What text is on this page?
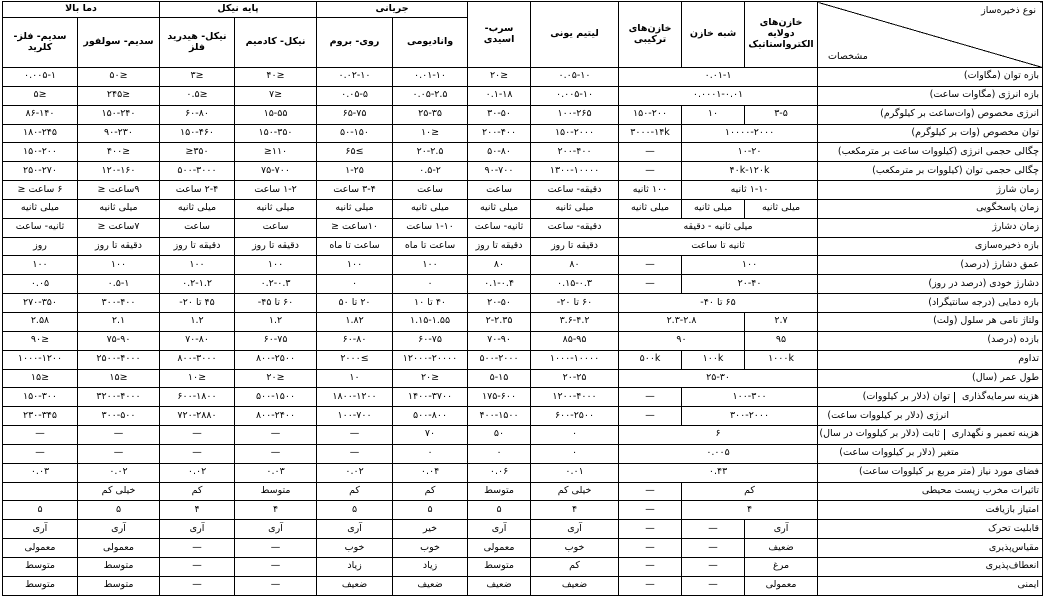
نوع ذخیره‌ساز
مشخصات	خازن‌های دولایه الکترواستاتیک	شبه خازن	خازن‌های ترکیبی	لیتیم یونی	سرب- اسیدی	جریانی		پایه نیکل		دما بالا	
						وانادیومی	روی- بروم	نیکل- کادمیم	نیکل- هیدرید فلز	سدیم- سولفور	سدیم- فلز- کلرید
بازه توان (مگاوات)	۰.۰۱-۱			۰.۰۵-۱۰	≤۲۰	۰.۰۱-۱۰	۰.۰۲-۱۰	≤۴۰	≤۳	≤۵۰	۰.۰۰۵-۱
بازه انرژی (مگاوات ساعت)	۰.۰۰۰۱-۰.۰۱			۰.۰۰۵-۱۰	۰.۱-۱۸	۰.۰۵-۲.۵	۰.۰۵-۵	≤۷	≤۰.۵	≤۲۴۵	≤۵
انرژی مخصوص (وات‌ساعت بر کیلوگرم)	۳-۵	۱۰	۱۵۰-۲۰۰	۱۰۰-۲۶۵	۳۰-۵۰	۲۵-۳۵	۶۵-۷۵	۱۵-۵۵	۶۰-۸۰	۱۵۰-۲۴۰	۸۶-۱۴۰
توان مخصوص (وات بر کیلوگرم)	۱۰۰۰۰-۲۰۰۰		۳۰۰۰-۱۴k	۱۵۰-۲۰۰۰	۲۰۰-۴۰۰	≤۱۰	۵۰-۱۵۰	۱۵۰-۳۵۰	۱۵۰-۴۶۰	۹۰-۲۳۰	۱۸۰-۲۴۵
چگالی حجمی انرژی (کیلووات ساعت بر مترمکعب)	۱۰-۲۰		—	۲۰۰-۴۰۰	۵۰-۸۰	۲۰-۲.۵	≥۶۵	۱۱۰≤	۳۵۰≤	≤۴۰۰	۱۵۰-۲۰۰
چگالی حجمی توان (کیلووات بر مترمکعب)	۴۰k-۱۲۰k		—	۱۳۰۰-۱۰۰۰۰	۹۰-۷۰۰	۰.۵-۲	۱-۲۵	۷۵-۷۰۰	۵۰۰-۳۰۰۰	۱۲۰-۱۶۰	۲۵۰-۲۷۰
زمان شارژ	۱-۱۰ ثانیه		۱۰۰ ثانیه	دقیقه- ساعت	ساعت	ساعت	۳-۴ ساعت	۱-۲ ساعت	۲-۴ ساعت	۹ساعت ≤	۶ ساعت ≤
زمان پاسخگویی	میلی ثانیه	میلی ثانیه	میلی ثانیه	میلی ثانیه	میلی ثانیه	میلی ثانیه	میلی ثانیه	میلی ثانیه	میلی ثانیه	میلی ثانیه	میلی ثانیه
زمان دشارژ	میلی ثانیه - دقیقه			دقیقه- ساعت	ثانیه- ساعت	۱-۱۰ ساعت	۱۰ساعت ≤	ساعت	ساعت	۷ساعت ≤	ثانیه- ساعت
بازه ذخیره‌سازی	ثانیه تا ساعت			دقیقه تا روز	دقیقه تا روز	ساعت تا ماه	ساعت تا ماه	دقیقه تا روز	دقیقه تا روز	دقیقه تا روز	روز
عمق دشارژ (درصد)	۱۰۰		—	۸۰	۸۰	۱۰۰	۱۰۰	۱۰۰	۱۰۰	۱۰۰	۱۰۰
دشارژ خودی (درصد در روز)	۲۰-۴۰		—	۰.۱۵-۰.۳	۰.۱-۰.۴	۰	۰	۰.۲-۰.۳	۰.۲-۱.۲	۰.۵-۱	۰.۰۵
بازه دمایی (درجه سانتیگراد)	۶۵ تا ۴۰-			۶۰ تا ۲۰-	۲۰-۵۰	۴۰ تا ۱۰	۲۰ تا ۵۰	۶۰ تا ۴۵-	۴۵ تا ۲۰-	۳۰۰-۴۰۰	۲۷۰-۳۵۰
ولتاژ نامی هر سلول (ولت)	۲.۷	۲.۳-۲.۸		۳.۶-۴.۲	۲-۲.۳۵	۱.۱۵-۱.۵۵	۱.۸۲	۱.۲	۱.۲	۲.۱	۲.۵۸
بازده (درصد)	۹۵	۹۰		۸۵-۹۵	۷۰-۹۰	۶۰-۷۵	۶۰-۸۰	۶۰-۷۵	۷۰-۸۰	۷۵-۹۰	≤۹۰
تداوم	۱۰۰۰k	۱۰۰k	۵۰۰k	۱۰۰۰-۱۰۰۰۰	۵۰۰-۲۰۰۰	۱۲۰۰۰-۲۰۰۰۰	≥۲۰۰۰	۸۰۰-۲۵۰۰	۸۰۰-۳۰۰۰	۲۵۰۰-۴۰۰۰	۱۰۰۰-۱۲۰۰
طول عمر (سال)	۲۵-۳۰			۲۰-۲۵	۵-۱۵	≤۲۰	۱۰	≤۲۰	≤۱۰	≤۱۵	≤۱۵
هزینه سرمایه‌گذاری توان (دلار بر کیلووات)	۱۰۰-۳۰۰		—	۱۲۰۰-۴۰۰۰	۱۷۵-۶۰۰	۱۴۰۰-۳۷۰۰	۱۸۰۰-۱۲۰۰	۵۰۰-۱۵۰۰	۶۰۰-۱۸۰۰	۳۲۰۰-۴۰۰۰	۱۵۰-۳۰۰
انرژی (دلار بر کیلووات ساعت)	۳۰۰-۲۰۰۰		—	۶۰۰-۲۵۰۰	۴۰۰-۱۵۰۰	۵۰۰-۸۰۰	۱۰۰-۷۰۰	۸۰۰-۲۴۰۰	۷۲۰-۲۸۸۰	۳۰۰-۵۰۰	۲۳۰-۳۴۵
هزینه تعمیر و نگهداری ثابت (دلار بر کیلووات در سال)	۶			۰	۵۰	۷۰	—	—	—	—	—
متغیر (دلار بر کیلووات ساعت)	۰.۰۰۵			۰	۰	۰	—	—	—	—	—
فضای مورد نیاز (متر مربع بر کیلووات ساعت)	۰.۴۳			۰.۰۱	۰.۰۶	۰.۰۴	۰.۰۲	۰.۰۳	۰.۰۲	۰.۰۲	۰.۰۳
تاثیرات مخرب زیست محیطی	کم		—	خیلی کم	متوسط	کم	کم	متوسط	کم	خیلی کم	
امتیاز بازیافت	۴		—	۴	۵	۵	۵	۴	۴	۵	۵
قابلیت تحرک	آری	—	—	آری	آری	خیر	آری	آری	آری	آری	آری
مقیاس‌پذیری	ضعیف	—	—	خوب	معمولی	خوب	خوب	—	—	معمولی	معمولی
انعطاف‌پذیری	مرغ	—	—	کم	متوسط	زیاد	زیاد	—	—	متوسط	متوسط
ایمنی	معمولی	—	—	ضعیف	ضعیف	ضعیف	ضعیف	—	—	متوسط	متوسط
